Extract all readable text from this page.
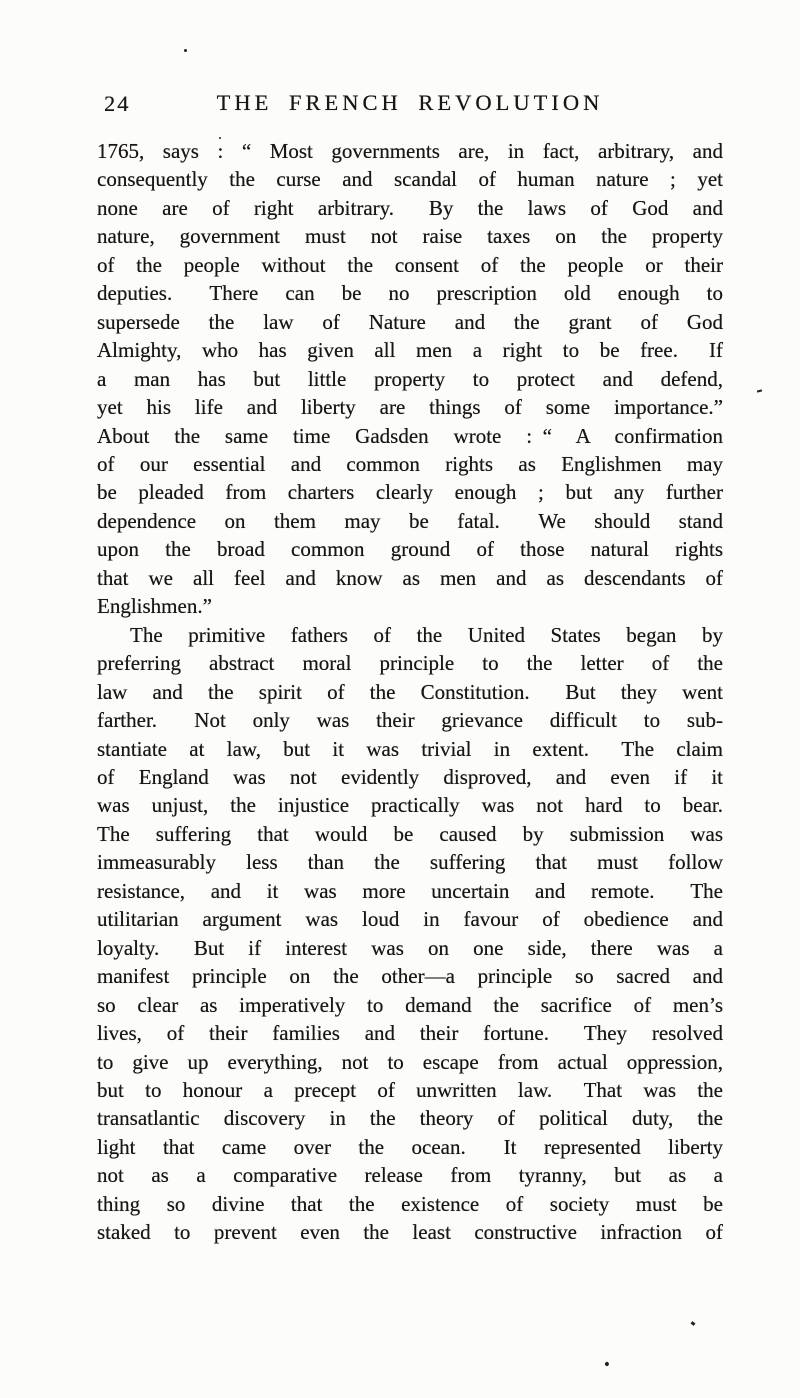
24	THE FRENCH REVOLUTION
1765, says : “ Most governments are, in fact, arbitrary, and
consequently the curse and scandal of human nature ; yet
none are of right arbitrary.  By the laws of God and
nature, government must not raise taxes on the property
of the people without the consent of the people or their
deputies.  There can be no prescription old enough to
supersede the law of Nature and the grant of God
Almighty, who has given all men a right to be free.  If
a man has but little property to protect and defend,
yet his life and liberty are things of some importance.”
About the same time Gadsden wrote : “ A confirmation
of our essential and common rights as Englishmen may
be pleaded from charters clearly enough ; but any further
dependence on them may be fatal.  We should stand
upon the broad common ground of those natural rights
that we all feel and know as men and as descendants of
Englishmen.”
The primitive fathers of the United States began by
preferring abstract moral principle to the letter of the
law and the spirit of the Constitution.  But they went
farther.  Not only was their grievance difficult to sub-
stantiate at law, but it was trivial in extent.  The claim
of England was not evidently disproved, and even if it
was unjust, the injustice practically was not hard to bear.
The suffering that would be caused by submission was
immeasurably less than the suffering that must follow
resistance, and it was more uncertain and remote.  The
utilitarian argument was loud in favour of obedience and
loyalty.  But if interest was on one side, there was a
manifest principle on the other—a principle so sacred and
so clear as imperatively to demand the sacrifice of men’s
lives, of their families and their fortune.  They resolved
to give up everything, not to escape from actual oppression,
but to honour a precept of unwritten law.  That was the
transatlantic discovery in the theory of political duty, the
light that came over the ocean.  It represented liberty
not as a comparative release from tyranny, but as a
thing so divine that the existence of society must be
staked to prevent even the least constructive infraction of
